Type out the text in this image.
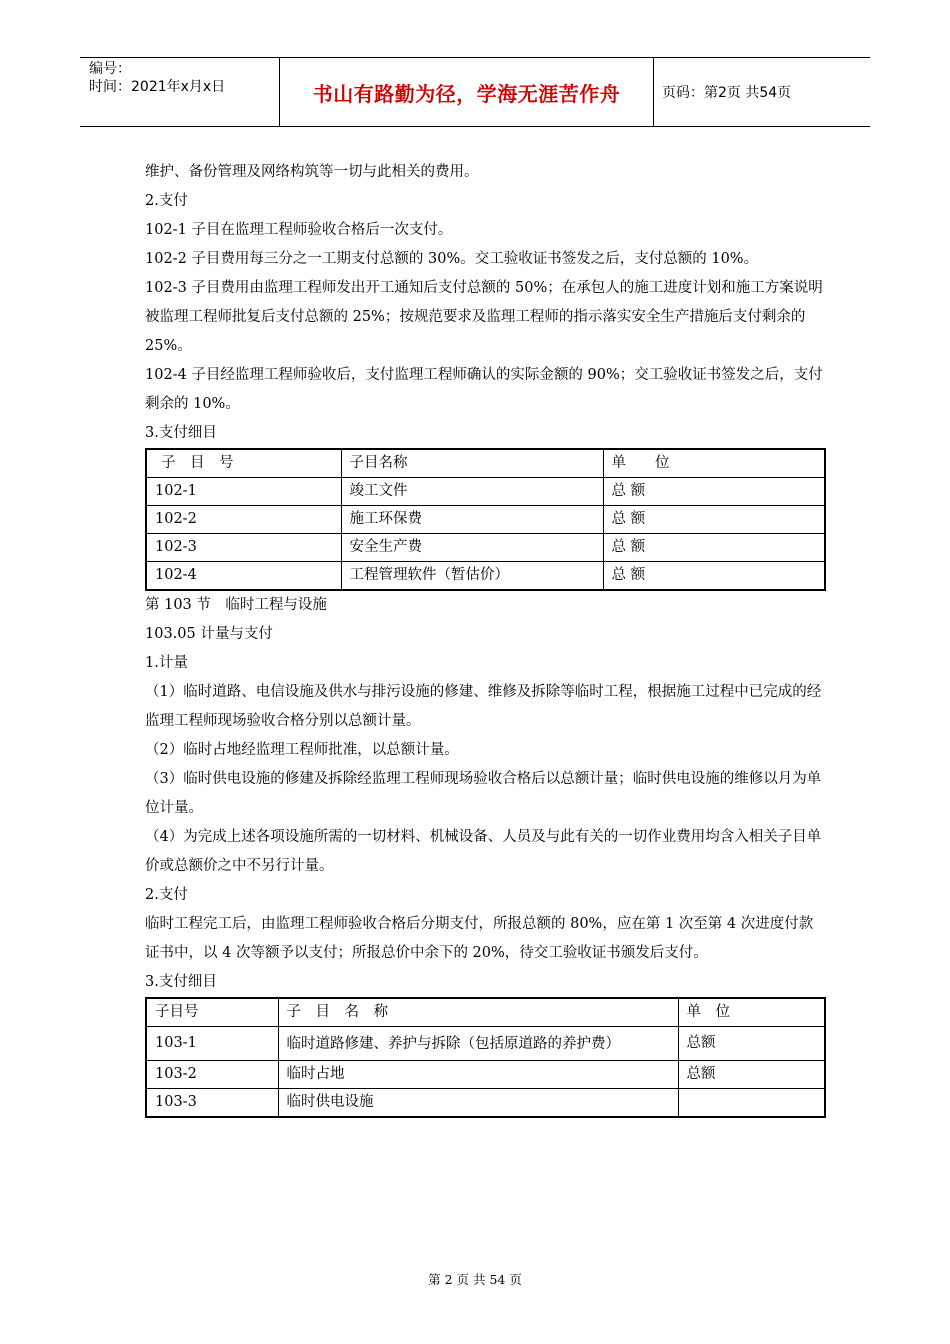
编号：
时间：2021年x月x日	书山有路勤为径，学海无涯苦作舟	页码：第2页 共54页

维护、备份管理及网络构筑等一切与此相关的费用。

2.支付

102-1 子目在监理工程师验收合格后一次支付。

102-2 子目费用每三分之一工期支付总额的 30%。交工验收证书签发之后，支付总额的 10%。

102-3 子目费用由监理工程师发出开工通知后支付总额的 50%；在承包人的施工进度计划和施工方案说明被监理工程师批复后支付总额的 25%；按规范要求及监理工程师的指示落实安全生产措施后支付剩余的 25%。

102-4 子目经监理工程师验收后，支付监理工程师确认的实际金额的 90%；交工验收证书签发之后，支付剩余的 10%。

3.支付细目

子　目　号	子目名称	单　　位
102-1	竣工文件	总 额
102-2	施工环保费	总 额
102-3	安全生产费	总 额
102-4	工程管理软件（暂估价）	总 额

第 103 节　临时工程与设施

103.05 计量与支付

1.计量

（1）临时道路、电信设施及供水与排污设施的修建、维修及拆除等临时工程，根据施工过程中已完成的经监理工程师现场验收合格分别以总额计量。

（2）临时占地经监理工程师批准，以总额计量。

（3）临时供电设施的修建及拆除经监理工程师现场验收合格后以总额计量；临时供电设施的维修以月为单位计量。

（4）为完成上述各项设施所需的一切材料、机械设备、人员及与此有关的一切作业费用均含入相关子目单价或总额价之中不另行计量。

2.支付

临时工程完工后，由监理工程师验收合格后分期支付，所报总额的 80%，应在第 1 次至第 4 次进度付款证书中，以 4 次等额予以支付；所报总价中余下的 20%，待交工验收证书颁发后支付。

3.支付细目

子目号	子　目　名　称	单　位
103-1	临时道路修建、养护与拆除（包括原道路的养护费）	总额
103-2	临时占地	总额
103-3	临时供电设施	
第 2 页 共 54 页
